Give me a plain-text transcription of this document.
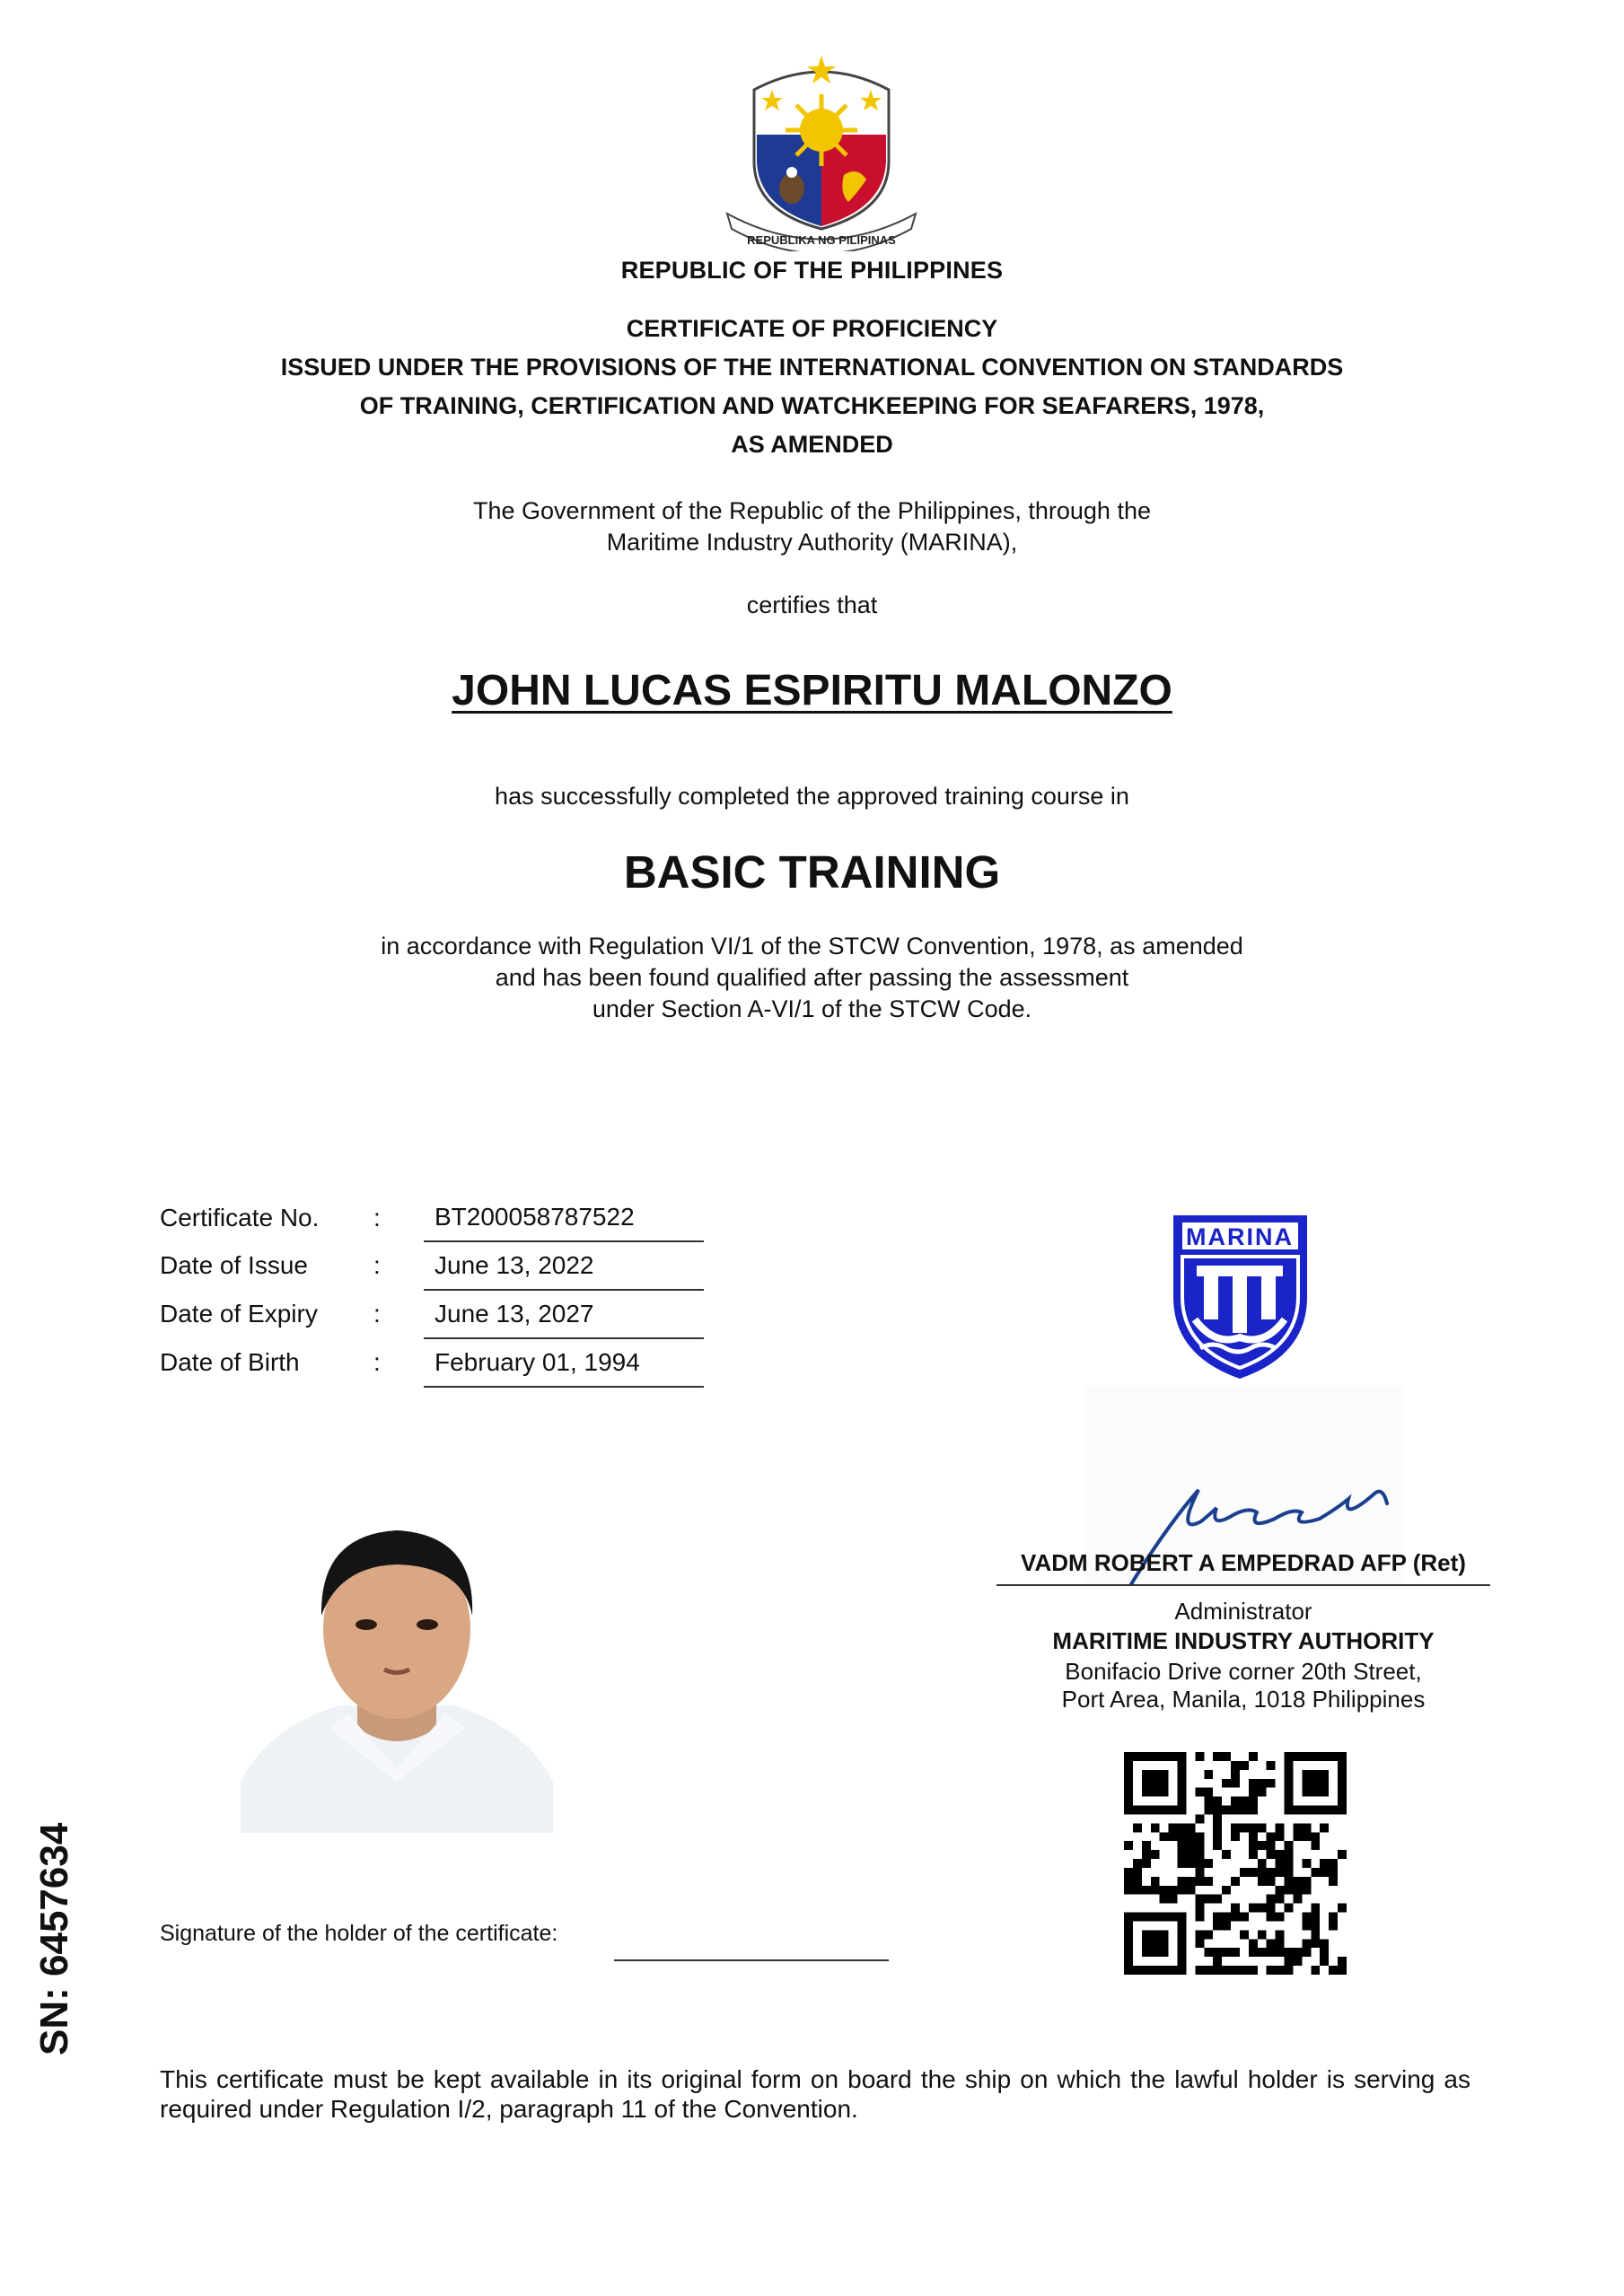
REPUBLIKA NG PILIPINAS
REPUBLIC OF THE PHILIPPINES
CERTIFICATE OF PROFICIENCY
ISSUED UNDER THE PROVISIONS OF THE INTERNATIONAL CONVENTION ON STANDARDS
OF TRAINING, CERTIFICATION AND WATCHKEEPING FOR SEAFARERS, 1978,
AS AMENDED
The Government of the Republic of the Philippines, through the
Maritime Industry Authority (MARINA),
certifies that
JOHN LUCAS ESPIRITU MALONZO
has successfully completed the approved training course in
BASIC TRAINING
in accordance with Regulation VI/1 of the STCW Convention, 1978, as amended
and has been found qualified after passing the assessment
under Section A-VI/1 of the STCW Code.
Certificate No.	:	BT200058787522
Date of Issue	:	June 13, 2022
Date of Expiry	:	June 13, 2027
Date of Birth	:	February 01, 1994
MARINA
VADM ROBERT A EMPEDRAD AFP (Ret)
Administrator
MARITIME INDUSTRY AUTHORITY
Bonifacio Drive corner 20th Street,
Port Area, Manila, 1018 Philippines
Signature of the holder of the certificate:
SN: 6457634
This certificate must be kept available in its original form on board the ship on which the lawful holder is serving as required under Regulation I/2, paragraph 11 of the Convention.
